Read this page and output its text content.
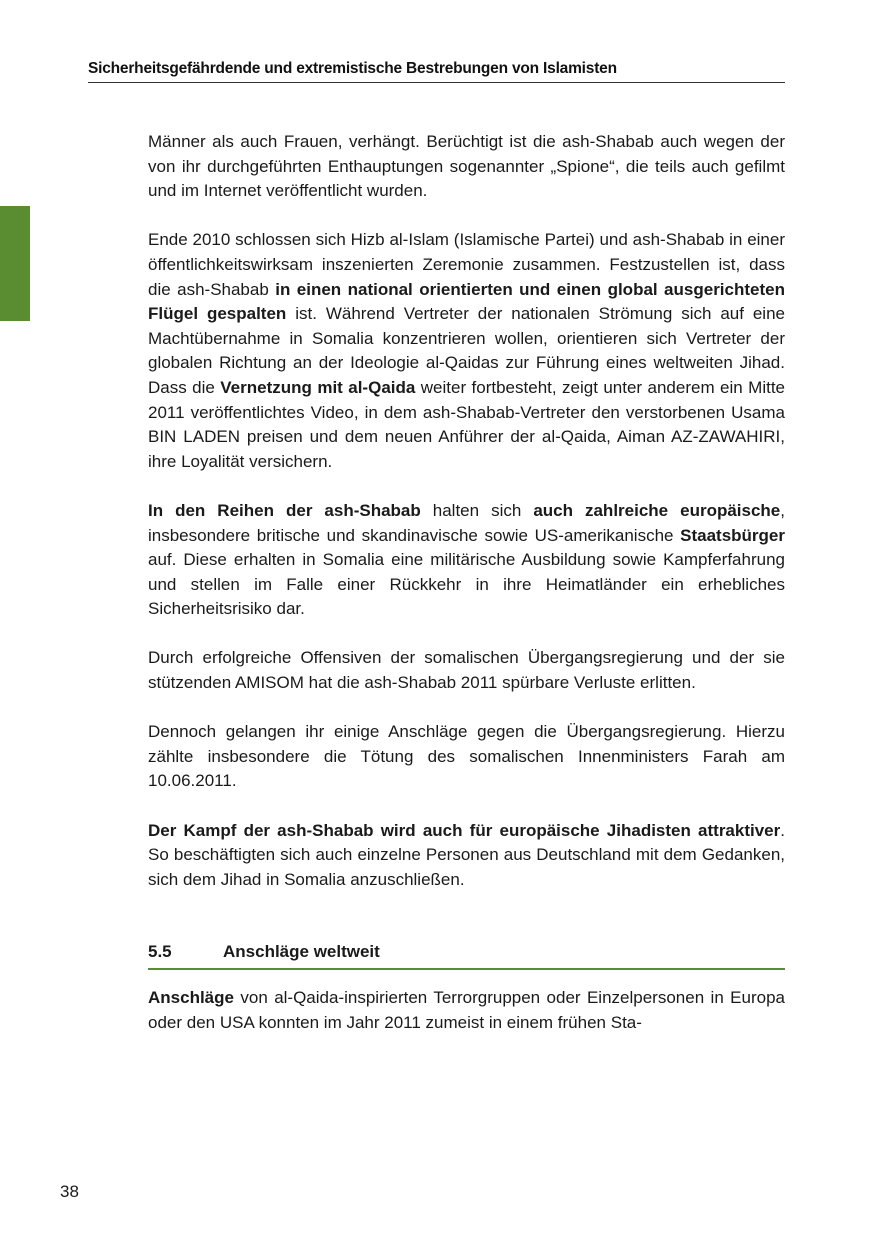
Sicherheitsgefährdende und extremistische Bestrebungen von Islamisten

Männer als auch Frauen, verhängt. Berüchtigt ist die ash-Shabab auch wegen der von ihr durchgeführten Enthauptungen sogenannter „Spione“, die teils auch gefilmt und im Internet veröffentlicht wurden.

Ende 2010 schlossen sich Hizb al-Islam (Islamische Partei) und ash-Shabab in einer öffentlichkeitswirksam inszenierten Zeremonie zusammen. Festzustellen ist, dass die ash-Shabab in einen national orientierten und einen global ausgerichteten Flügel gespalten ist. Während Vertreter der nationalen Strömung sich auf eine Machtübernahme in Somalia konzentrieren wollen, orientieren sich Vertreter der globalen Richtung an der Ideologie al-Qaidas zur Führung eines weltweiten Jihad. Dass die Vernetzung mit al-Qaida weiter fortbesteht, zeigt unter anderem ein Mitte 2011 veröffentlichtes Video, in dem ash-Shabab-Vertreter den verstorbenen Usama BIN LADEN preisen und dem neuen Anführer der al-Qaida, Aiman AZ-ZAWAHIRI, ihre Loyalität versichern.

In den Reihen der ash-Shabab halten sich auch zahlreiche europäische, insbesondere britische und skandinavische sowie US-amerikanische Staatsbürger auf. Diese erhalten in Somalia eine militärische Ausbildung sowie Kampferfahrung und stellen im Falle einer Rückkehr in ihre Heimatländer ein erhebliches Sicherheitsrisiko dar.

Durch erfolgreiche Offensiven der somalischen Übergangsregierung und der sie stützenden AMISOM hat die ash-Shabab 2011 spürbare Verluste erlitten.

Dennoch gelangen ihr einige Anschläge gegen die Übergangsregierung. Hierzu zählte insbesondere die Tötung des somalischen Innenministers Farah am 10.06.2011.

Der Kampf der ash-Shabab wird auch für europäische Jihadisten attraktiver. So beschäftigten sich auch einzelne Personen aus Deutschland mit dem Gedanken, sich dem Jihad in Somalia anzuschließen.

5.5	Anschläge weltweit

Anschläge von al-Qaida-inspirierten Terrorgruppen oder Einzelpersonen in Europa oder den USA konnten im Jahr 2011 zumeist in einem frühen Sta-

38
